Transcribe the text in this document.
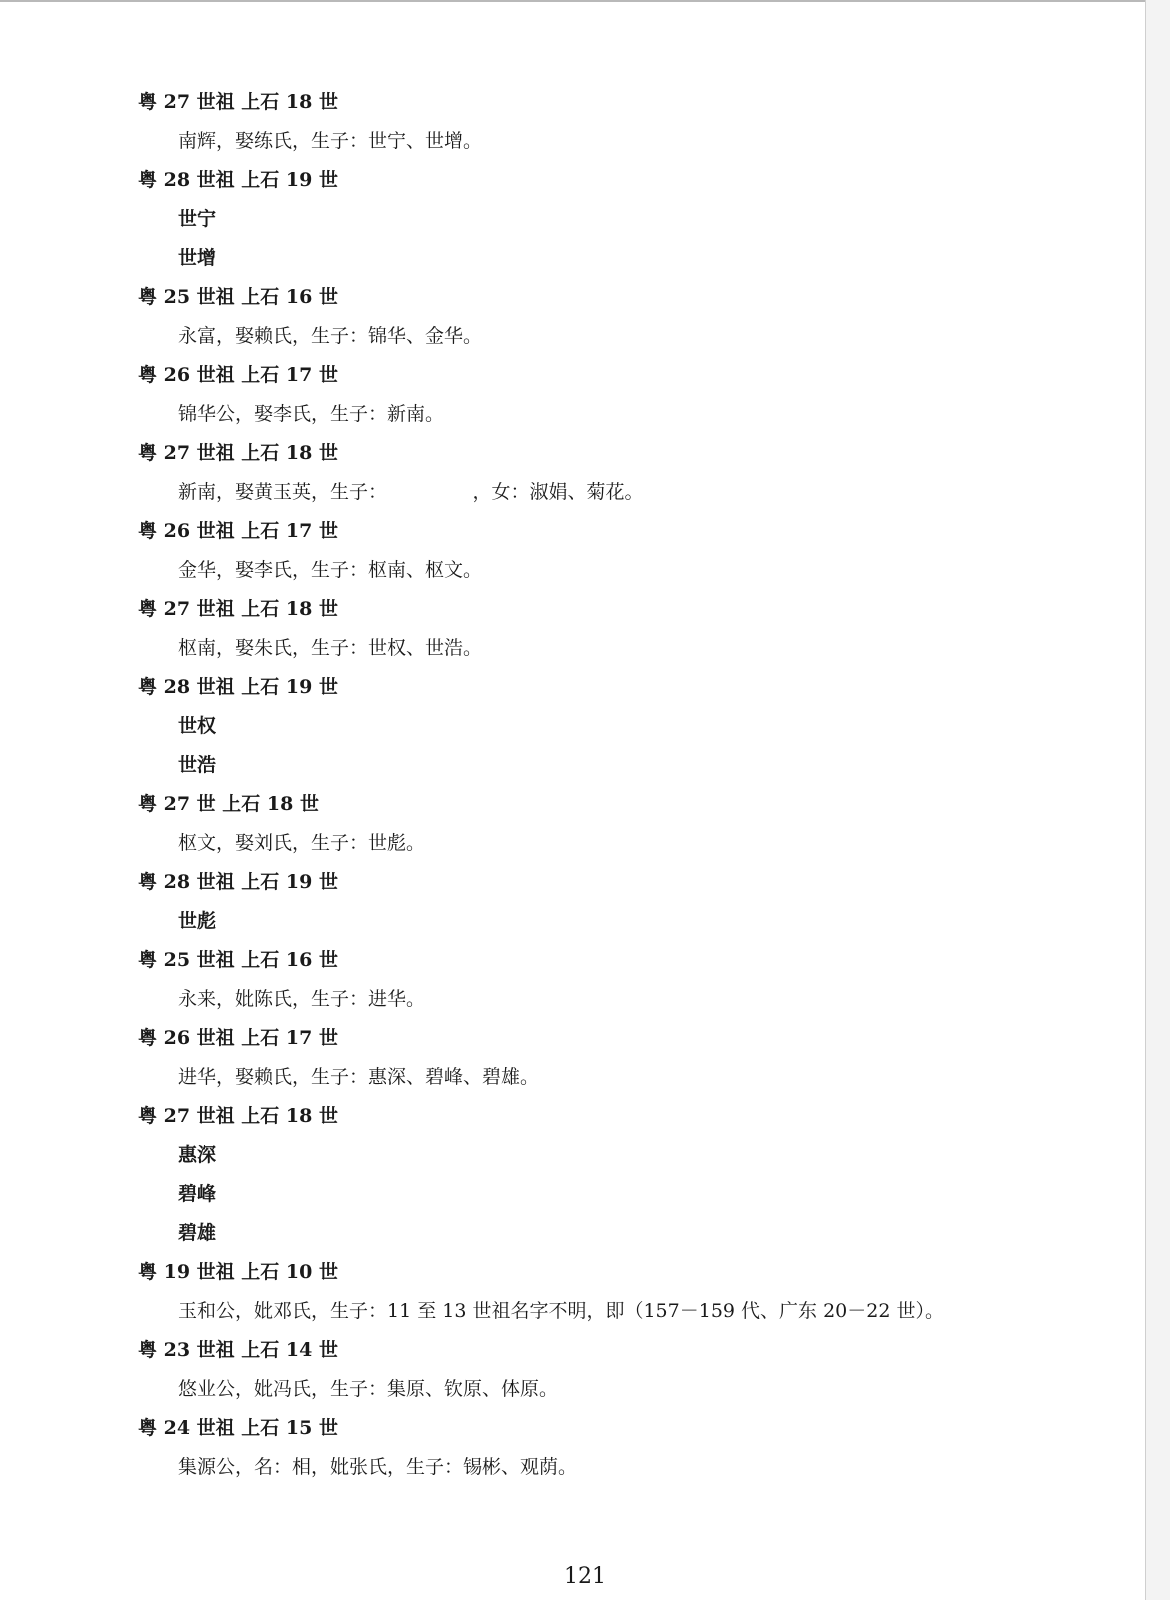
粤 27 世祖 上石 18 世
南辉，娶练氏，生子：世宁、世增。
粤 28 世祖 上石 19 世
世宁
世增
粤 25 世祖 上石 16 世
永富，娶赖氏，生子：锦华、金华。
粤 26 世祖 上石 17 世
锦华公，娶李氏，生子：新南。
粤 27 世祖 上石 18 世
新南，娶黄玉英，生子：　　　　　，女：淑娟、菊花。
粤 26 世祖 上石 17 世
金华，娶李氏，生子：枢南、枢文。
粤 27 世祖 上石 18 世
枢南，娶朱氏，生子：世权、世浩。
粤 28 世祖 上石 19 世
世权
世浩
粤 27 世 上石 18 世
枢文，娶刘氏，生子：世彪。
粤 28 世祖 上石 19 世
世彪
粤 25 世祖 上石 16 世
永来，妣陈氏，生子：进华。
粤 26 世祖 上石 17 世
进华，娶赖氏，生子：惠深、碧峰、碧雄。
粤 27 世祖 上石 18 世
惠深
碧峰
碧雄
粤 19 世祖 上石 10 世
玉和公，妣邓氏，生子：11 至 13 世祖名字不明，即（157－159 代、广东 20－22 世）。
粤 23 世祖 上石 14 世
悠业公，妣冯氏，生子：集原、钦原、体原。
粤 24 世祖 上石 15 世
集源公，名：相，妣张氏，生子：锡彬、观荫。
121
